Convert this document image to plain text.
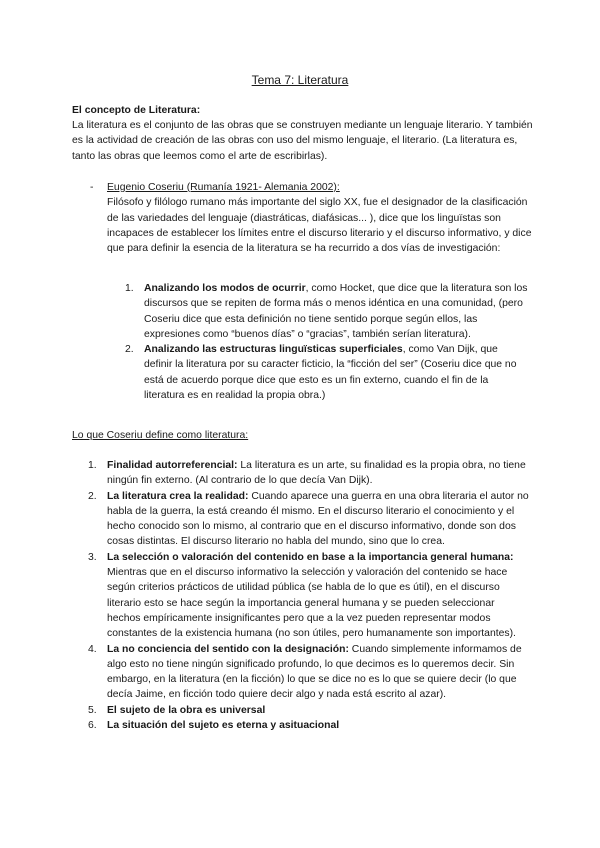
Tema 7: Literatura
El concepto de Literatura:
La literatura es el conjunto de las obras que se construyen mediante un lenguaje literario. Y también es la actividad de creación de las obras con uso del mismo lenguaje, el literario. (La literatura es, tanto las obras que leemos como el arte de escribirlas).
- Eugenio Coseriu (Rumanía 1921- Alemania 2002):
Filósofo y filólogo rumano más importante del siglo XX, fue el designador de la clasificación de las variedades del lenguaje (diastráticas, diafásicas... ), dice que los linguïstas son incapaces de establecer los límites entre el discurso literario y el discurso informativo, y dice que para definir la esencia de la literatura se ha recurrido a dos vías de investigación:
1. Analizando los modos de ocurrir, como Hocket, que dice que la literatura son los discursos que se repiten de forma más o menos idéntica en una comunidad, (pero Coseriu dice que esta definición no tiene sentido porque según ellos, las expresiones como “buenos días” o “gracias”, también serían literatura).
2. Analizando las estructuras linguïsticas superficiales, como Van Dijk, que definir la literatura por su caracter ficticio, la “ficción del ser” (Coseriu dice que no está de acuerdo porque dice que esto es un fin externo, cuando el fin de la literatura es en realidad la propia obra.)
Lo que Coseriu define como literatura:
1. Finalidad autorreferencial: La literatura es un arte, su finalidad es la propia obra, no tiene ningún fin externo. (Al contrario de lo que decía Van Dijk).
2. La literatura crea la realidad: Cuando aparece una guerra en una obra literaria el autor no habla de la guerra, la está creando él mismo. En el discurso literario el conocimiento y el hecho conocido son lo mismo, al contrario que en el discurso informativo, donde son dos cosas distintas. El discurso literario no habla del mundo, sino que lo crea.
3. La selección o valoración del contenido en base a la importancia general humana: Mientras que en el discurso informativo la selección y valoración del contenido se hace según criterios prácticos de utilidad pública (se habla de lo que es útil), en el discurso literario esto se hace según la importancia general humana y se pueden seleccionar hechos empíricamente insignificantes pero que a la vez pueden representar modos constantes de la existencia humana (no son útiles, pero humanamente son importantes).
4. La no conciencia del sentido con la designación: Cuando simplemente informamos de algo esto no tiene ningún significado profundo, lo que decimos es lo queremos decir. Sin embargo, en la literatura (en la ficción) lo que se dice no es lo que se quiere decir (lo que decía Jaime, en ficción todo quiere decir algo y nada está escrito al azar).
5. El sujeto de la obra es universal
6. La situación del sujeto es eterna y asituacional
